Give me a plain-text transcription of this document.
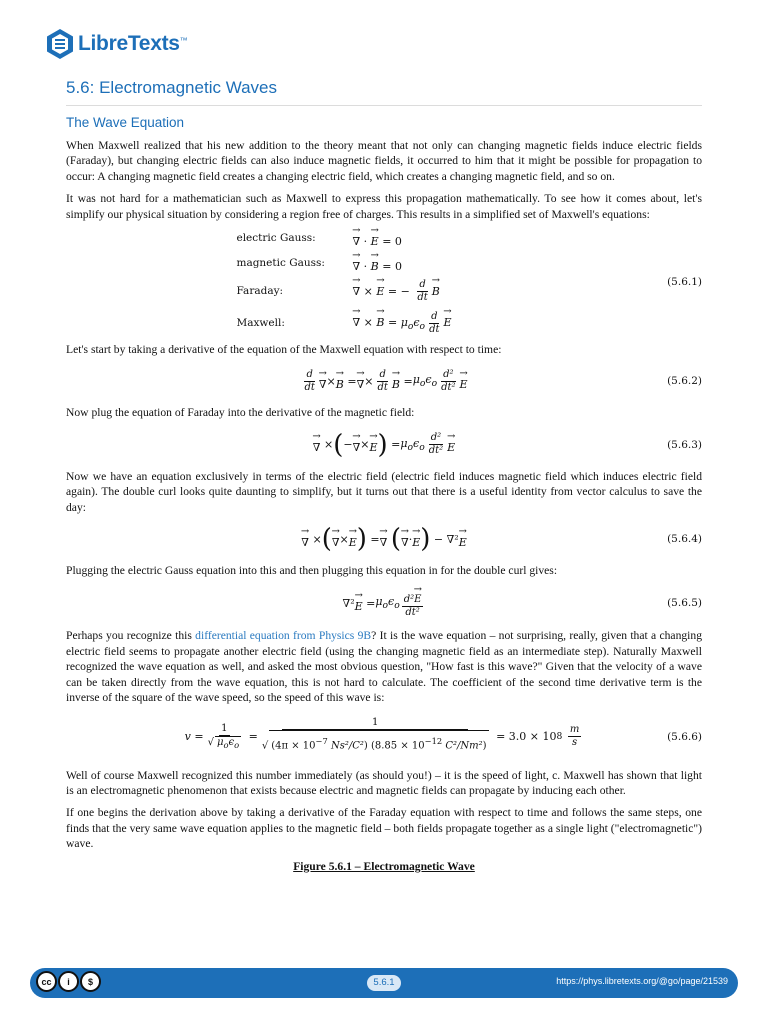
LibreTexts ™
5.6: Electromagnetic Waves
The Wave Equation

When Maxwell realized that his new addition to the theory meant that not only can changing magnetic fields induce electric fields (Faraday), but changing electric fields can also induce magnetic fields, it occurred to him that it might be possible for propagation to occur: A changing magnetic field creates a changing electric field, which creates a changing magnetic field, and so on.

It was not hard for a mathematician such as Maxwell to express this propagation mathematically. To see how it comes about, let's simplify our physical situation by considering a region free of charges. This results in a simplified set of Maxwell's equations:

electric Gauss:
→	∇ · → E = 0
magnetic Gauss:
→	∇ · → B = 0
Faraday:
→	∇ × → E = − $\frac{d}{dt}$
→ B
Maxwell:
→	∇ × → $B = \mu_o\epsilon_o \frac{d}{dt}$
→ E
(5.6.1)

Let's start by taking a derivative of the equation of the Maxwell equation with respect to time:

$\frac{d}{dt}$
→ ∇ ×
→ B =
→ ∇ × $\frac{d}{dt}$
→ $B = \mu_o\epsilon_o \frac{\text{d²}}{\text{dt²}}$
→ E	(5.6.2)

Now plug the equation of Faraday into the derivative of the magnetic field:

→ ∇ × ( −
→ ∇ ×
→ E ) = $\mu_o\epsilon_o \frac{\text{d²}}{\text{dt²}}$
→ E	(5.6.3)

Now we have an equation exclusively in terms of the electric field (electric field induces magnetic field which induces electric field again). The double curl looks quite daunting to simplify, but it turns out that there is a useful identity from vector calculus to save the day:

→ ∇ × (
→ ∇ ×
→ E ) =
→ ∇
(
→ ∇ ·
→ E ) − ∇²
→ E	(5.6.4)

Plugging the electric Gauss equation into this and then plugging this equation in for the double curl gives:

∇²
→ $E = \mu_o\epsilon_o \frac{\text{d²→ E}}{\text{dt²}}$	(5.6.5)

Perhaps you recognize this differential equation from Physics 9B? It is the wave equation – not surprising, really, given that a changing electric field seems to propagate another electric field (using the changing magnetic field as an intermediate step). Naturally Maxwell recognized the wave equation as well, and asked the most obvious question, "How fast is this wave?" Given that the velocity of a wave can be taken directly from the wave equation, this is not hard to calculate. The coefficient of the second time derivative term is the inverse of the square of the wave speed, so the speed of this wave is:

$v = \frac{1}{√ \mu_o\epsilon_o} = \frac{1}{√ (4\pi \times 10^{-7} Ns^2/C^2) (8.85 \times 10^{-12} C^2/Nm^2)} = 3.0 \times 10$ 8
$\frac{m}{s}$	(5.6.6)

Well of course Maxwell recognized this number immediately (as should you!) – it is the speed of light, c. Maxwell has shown that light is an electromagnetic phenomenon that exists because electric and magnetic fields can propagate by inducing each other.

If one begins the derivation above by taking a derivative of the Faraday equation with respect to time and follows the same steps, one finds that the very same wave equation applies to the magnetic field – both fields propagate together as a single light ("electromagnetic") wave.

Figure 5.6.1 – Electromagnetic Wave
cc	i	$	5.6.1	https://phys.libretexts.org/@go/page/21539
